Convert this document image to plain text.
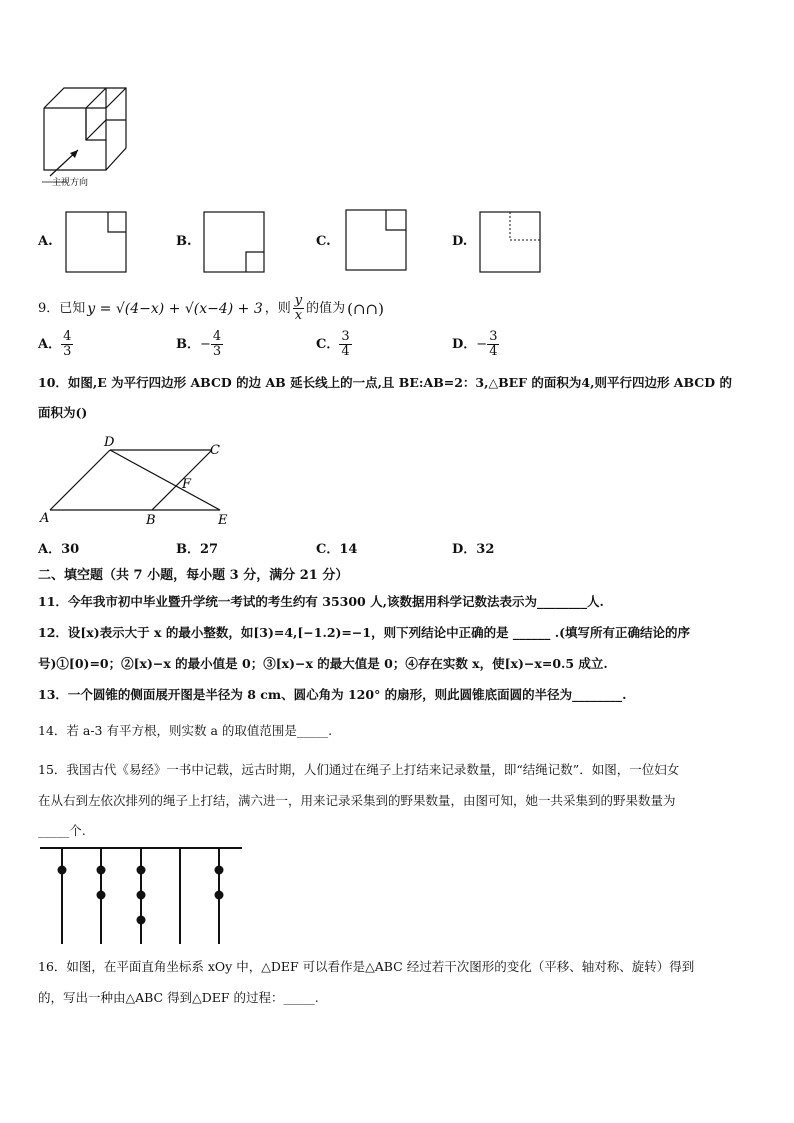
主视方向
A.	B.	C.	D.
9．已知 y = √(4−x) + √(x−4) + 3 ，则 $\frac{y}{x}$ 的值为 (∩∩)
A． $\frac{4}{3}$	B． − $\frac{4}{3}$	C． $\frac{3}{4}$	D． − $\frac{3}{4}$
10．如图,E 为平行四边形 ABCD 的边 AB 延长线上的一点,且 BE:AB=2：3,△BEF 的面积为4,则平行四边形 ABCD 的
面积为()
A
D
C
F
B	E
A．30	B．27	C．14	D．32
二、填空题（共 7 小题，每小题 3 分，满分 21 分）
11．今年我市初中毕业暨升学统一考试的考生约有 35300 人,该数据用科学记数法表示为________人.
12．设[x)表示大于 x 的最小整数，如[3)=4,[−1.2)=−1，则下列结论中正确的是 ______ .(填写所有正确结论的序
号)①[0)=0；②[x)−x 的最小值是 0；③[x)−x 的最大值是 0；④存在实数 x，使[x)−x=0.5 成立.
13．一个圆锥的侧面展开图是半径为 8 cm、圆心角为 120° 的扇形，则此圆锥底面圆的半径为________.
14．若 a-3 有平方根，则实数 a 的取值范围是_____.
15．我国古代《易经》一书中记载，远古时期，人们通过在绳子上打结来记录数量，即“结绳记数”．如图，一位妇女
在从右到左依次排列的绳子上打结，满六进一，用来记录采集到的野果数量，由图可知，她一共采集到的野果数量为
_____个.
16．如图，在平面直角坐标系 xOy 中，△DEF 可以看作是△ABC 经过若干次图形的变化（平移、轴对称、旋转）得到
的，写出一种由△ABC 得到△DEF 的过程：_____.
